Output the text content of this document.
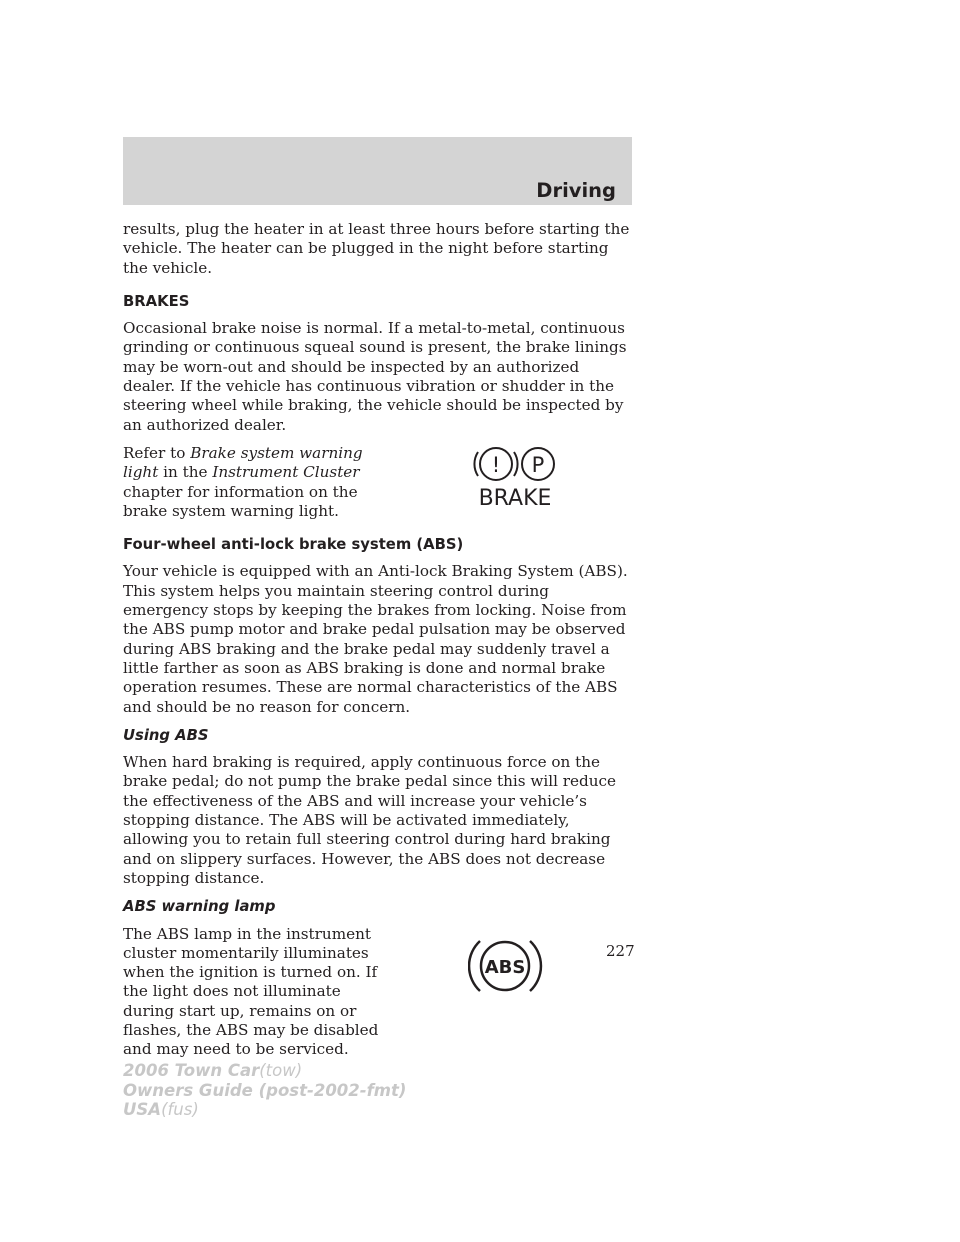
Driving

results, plug the heater in at least three hours before starting the vehicle. The heater can be plugged in the night before starting the vehicle.

BRAKES

Occasional brake noise is normal. If a metal-to-metal, continuous grinding or continuous squeal sound is present, the brake linings may be worn-out and should be inspected by an authorized dealer. If the vehicle has continuous vibration or shudder in the steering wheel while braking, the vehicle should be inspected by an authorized dealer.

Refer to Brake system warning light in the Instrument Cluster chapter for information on the brake system warning light.

! P
BRAKE
Four-wheel anti-lock brake system (ABS)

Your vehicle is equipped with an Anti-lock Braking System (ABS). This system helps you maintain steering control during emergency stops by keeping the brakes from locking. Noise from the ABS pump motor and brake pedal pulsation may be observed during ABS braking and the brake pedal may suddenly travel a little farther as soon as ABS braking is done and normal brake operation resumes. These are normal characteristics of the ABS and should be no reason for concern.

Using ABS

When hard braking is required, apply continuous force on the brake pedal; do not pump the brake pedal since this will reduce the effectiveness of the ABS and will increase your vehicle’s stopping distance. The ABS will be activated immediately, allowing you to retain full steering control during hard braking and on slippery surfaces. However, the ABS does not decrease stopping distance.

ABS warning lamp

The ABS lamp in the instrument cluster momentarily illuminates when the ignition is turned on. If the light does not illuminate during start up, remains on or flashes, the ABS may be disabled and may need to be serviced.

ABS
227
2006 Town Car(tow)
Owners Guide (post-2002-fmt)
USA(fus)
